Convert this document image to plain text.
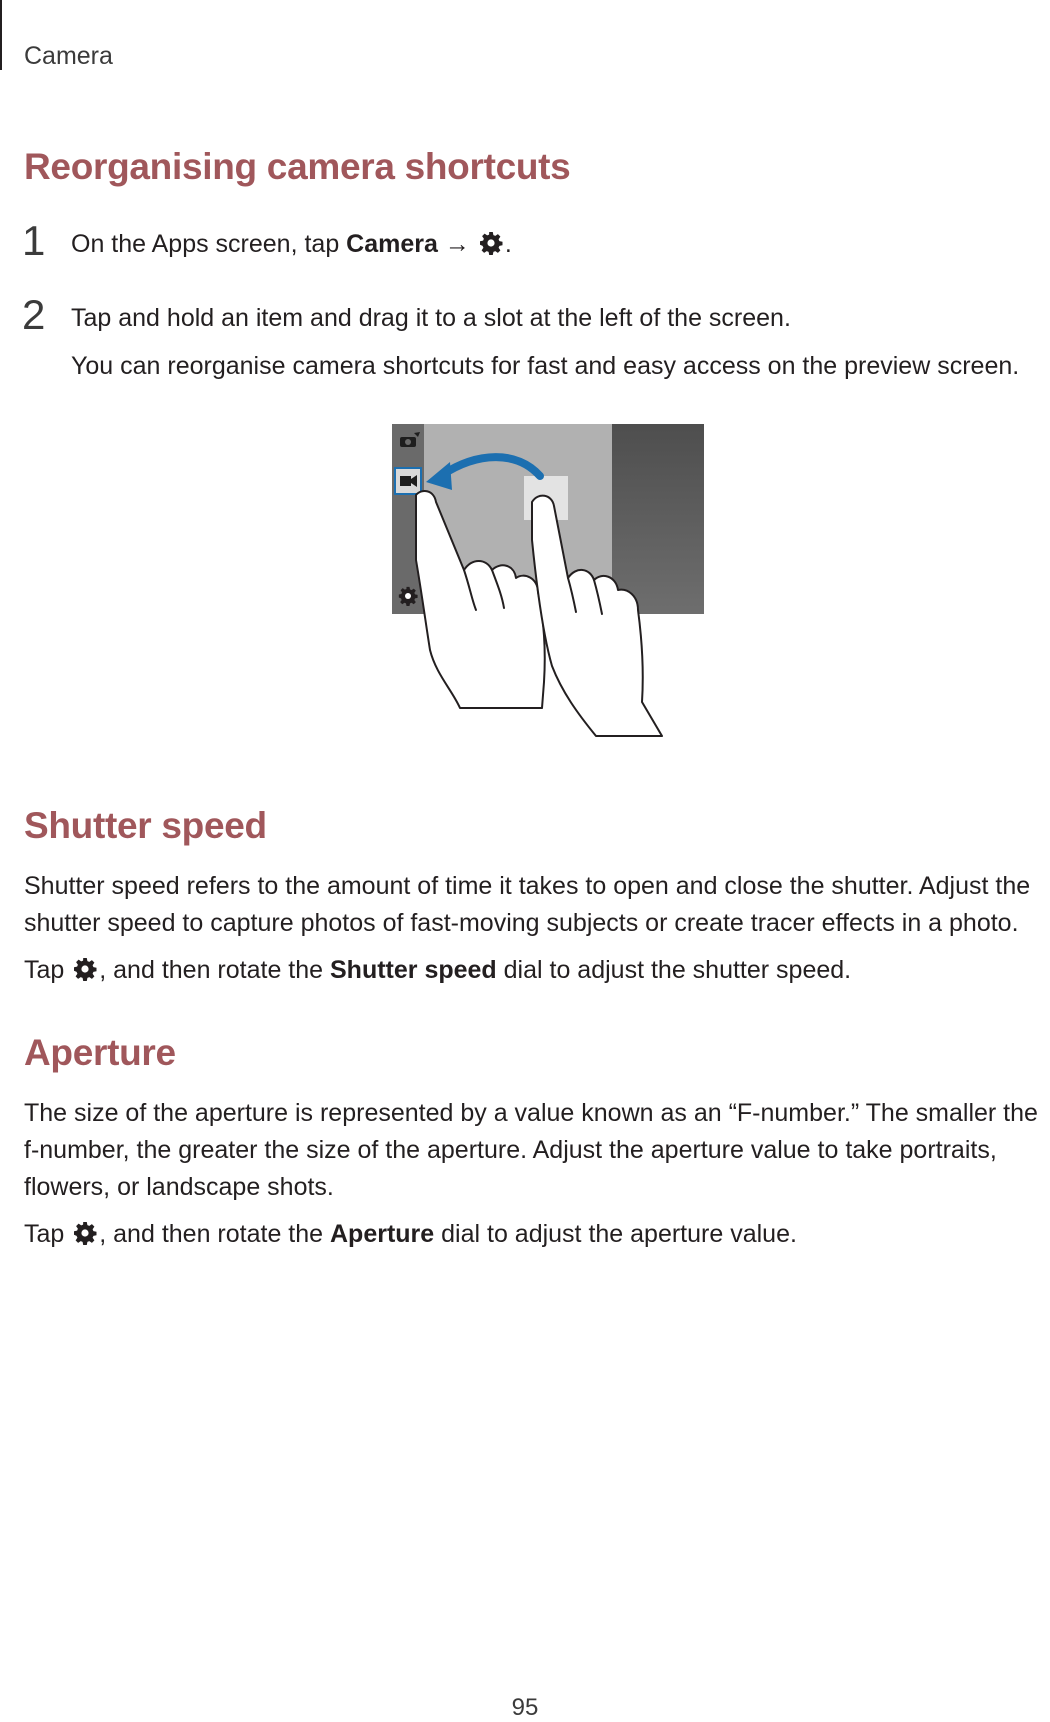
Camera
Reorganising camera shortcuts
1 On the Apps screen, tap Camera → .
2 Tap and hold an item and drag it to a slot at the left of the screen.
You can reorganise camera shortcuts for fast and easy access on the preview screen.
Shutter speed
Shutter speed refers to the amount of time it takes to open and close the shutter. Adjust the
shutter speed to capture photos of fast-moving subjects or create tracer effects in a photo.
Tap , and then rotate the Shutter speed dial to adjust the shutter speed.
Aperture
The size of the aperture is represented by a value known as an “F-number.” The smaller the
f-number, the greater the size of the aperture. Adjust the aperture value to take portraits,
flowers, or landscape shots.
Tap , and then rotate the Aperture dial to adjust the aperture value.
95
